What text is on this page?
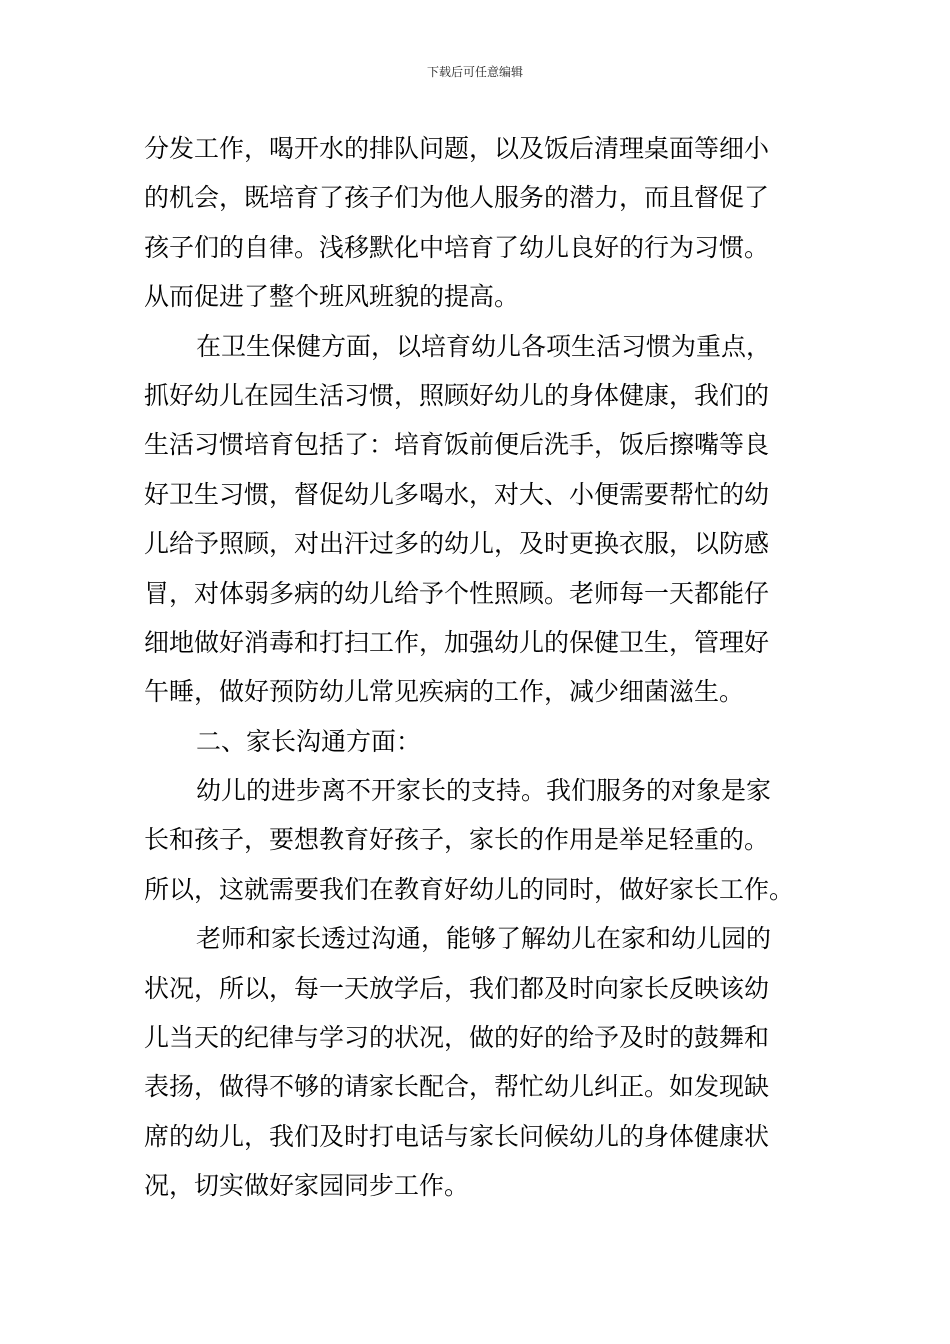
下载后可任意编辑
分发工作，喝开水的排队问题，以及饭后清理桌面等细小
的机会，既培育了孩子们为他人服务的潜力，而且督促了
孩子们的自律。浅移默化中培育了幼儿良好的行为习惯。
从而促进了整个班风班貌的提高。
在卫生保健方面，以培育幼儿各项生活习惯为重点，
抓好幼儿在园生活习惯，照顾好幼儿的身体健康，我们的
生活习惯培育包括了：培育饭前便后洗手，饭后擦嘴等良
好卫生习惯，督促幼儿多喝水，对大、小便需要帮忙的幼
儿给予照顾，对出汗过多的幼儿，及时更换衣服，以防感
冒，对体弱多病的幼儿给予个性照顾。老师每一天都能仔
细地做好消毒和打扫工作，加强幼儿的保健卫生，管理好
午睡，做好预防幼儿常见疾病的工作，减少细菌滋生。
二、家长沟通方面：
幼儿的进步离不开家长的支持。我们服务的对象是家
长和孩子，要想教育好孩子，家长的作用是举足轻重的。
所以，这就需要我们在教育好幼儿的同时，做好家长工作。
老师和家长透过沟通，能够了解幼儿在家和幼儿园的
状况，所以，每一天放学后，我们都及时向家长反映该幼
儿当天的纪律与学习的状况，做的好的给予及时的鼓舞和
表扬，做得不够的请家长配合，帮忙幼儿纠正。如发现缺
席的幼儿，我们及时打电话与家长问候幼儿的身体健康状
况，切实做好家园同步工作。
